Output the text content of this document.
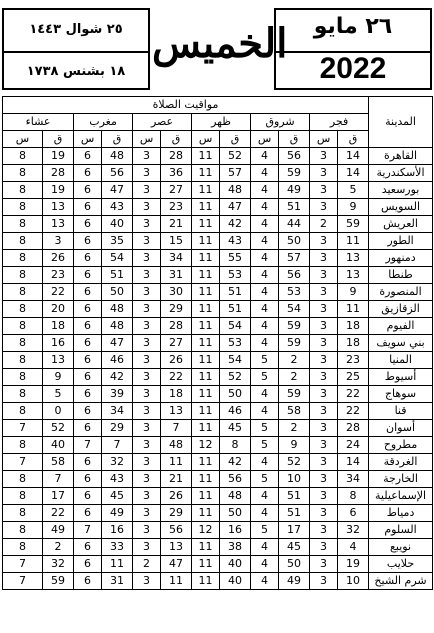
٢٥ شوال ١٤٤٣
١٨ بشنس ١٧٣٨
الخميس	٢٦ مايو
2022
المدينة	مواقيت الصلاة											
	فجر		شروق		ظهر		عصر		مغرب		عشاء	
	ق	س	ق	س	ق	س	ق	س	ق	س	ق	س
القاهرة	14	3	56	4	52	11	28	3	48	6	19	8
الأسكندرية	14	3	59	4	57	11	36	3	56	6	28	8
بورسعيد	5	3	49	4	48	11	27	3	47	6	19	8
السويس	9	3	51	4	47	11	23	3	43	6	13	8
العريش	59	2	44	4	42	11	21	3	40	6	13	8
الطور	11	3	50	4	43	11	15	3	35	6	3	8
دمنهور	13	3	57	4	55	11	34	3	54	6	26	8
طنطا	13	3	56	4	53	11	31	3	51	6	23	8
المنصورة	9	3	53	4	51	11	30	3	50	6	22	8
الزقازيق	11	3	54	4	51	11	29	3	48	6	20	8
الفيوم	18	3	59	4	54	11	28	3	48	6	18	8
بني سويف	18	3	59	4	53	11	27	3	47	6	16	8
المنيا	23	3	2	5	54	11	26	3	46	6	13	8
أسيوط	25	3	2	5	52	11	22	3	42	6	9	8
سوهاج	22	3	59	4	50	11	18	3	39	6	5	8
قنا	22	3	58	4	46	11	13	3	34	6	0	8
أسوان	28	3	2	5	45	11	7	3	29	6	52	7
مطروح	24	3	9	5	8	12	48	3	7	7	40	8
الغردقة	14	3	52	4	42	11	11	3	32	6	58	7
الخارجة	34	3	10	5	56	11	21	3	43	6	7	8
الإسماعيلية	8	3	51	4	48	11	26	3	45	6	17	8
دمياط	6	3	51	4	50	11	29	3	49	6	22	8
السلوم	32	3	17	5	16	12	56	3	16	7	49	8
نويبع	4	3	45	4	38	11	13	3	33	6	2	8
حلايب	19	3	50	4	40	11	47	2	11	6	32	7
شرم الشيخ	10	3	49	4	40	11	11	3	31	6	59	7
